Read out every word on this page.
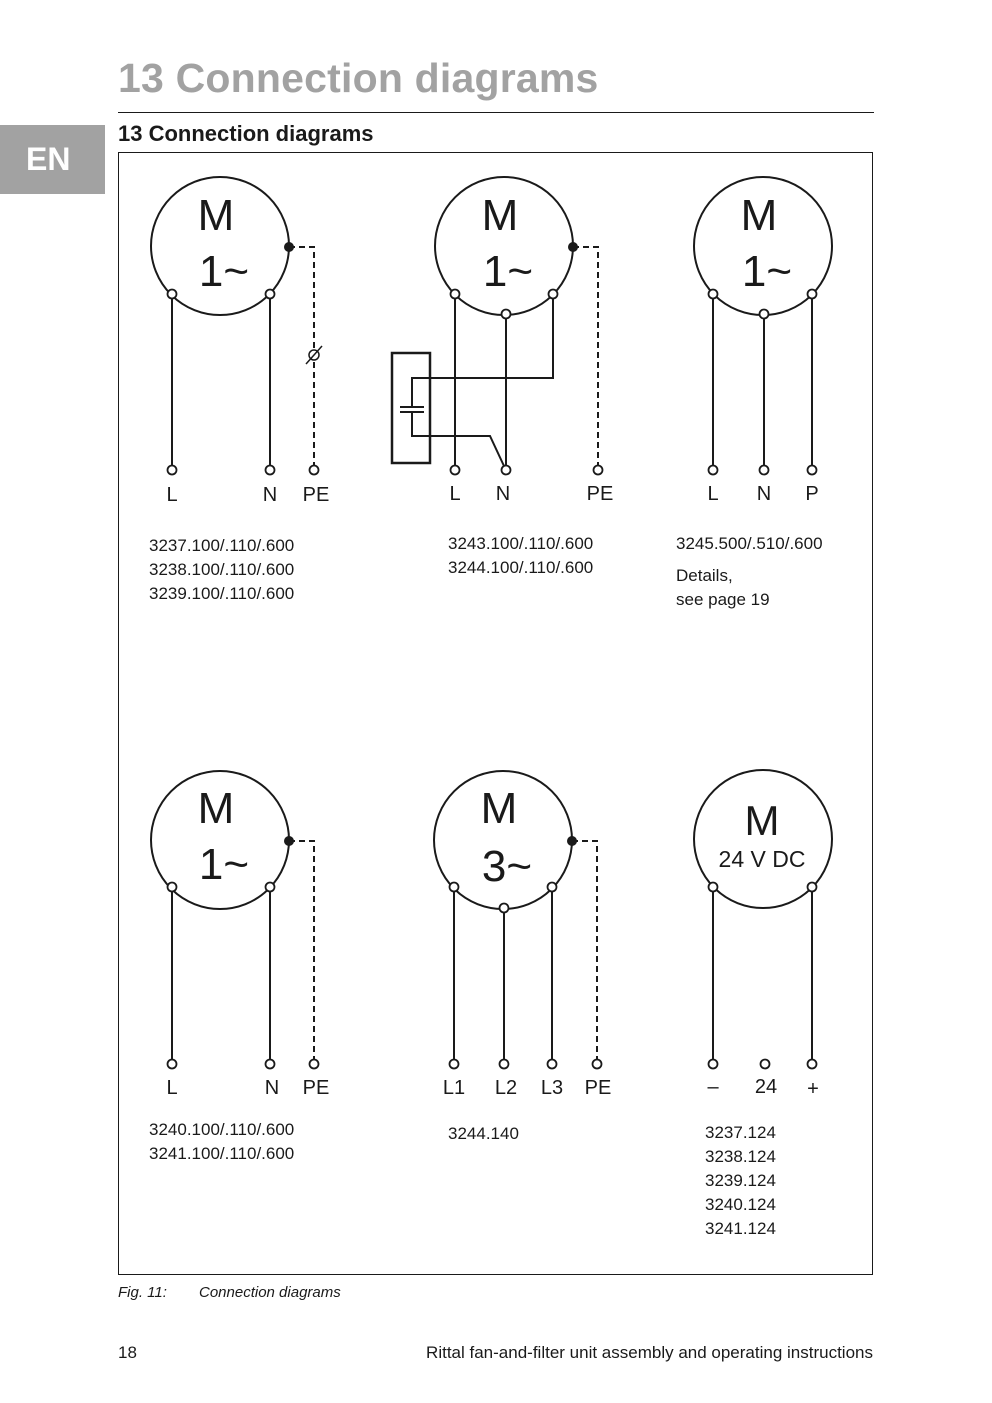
13 Connection diagrams
EN
13 Connection diagrams
M
1~
L	N PE
M
1~
L N	PE
M
1~
L N P
M
1~
L	N PE
M
3~
L1 L2 L3 PE
M
24 V DC
– 24 +
3237.100/.110/.600
3238.100/.110/.600
3239.100/.110/.600
3243.100/.110/.600
3244.100/.110/.600
3245.500/.510/.600
Details,
see page 19
3240.100/.110/.600
3241.100/.110/.600
3244.140	3237.124
3238.124
3239.124
3240.124
3241.124
Fig. 11: Connection diagrams
18	Rittal fan-and-filter unit assembly and operating instructions
